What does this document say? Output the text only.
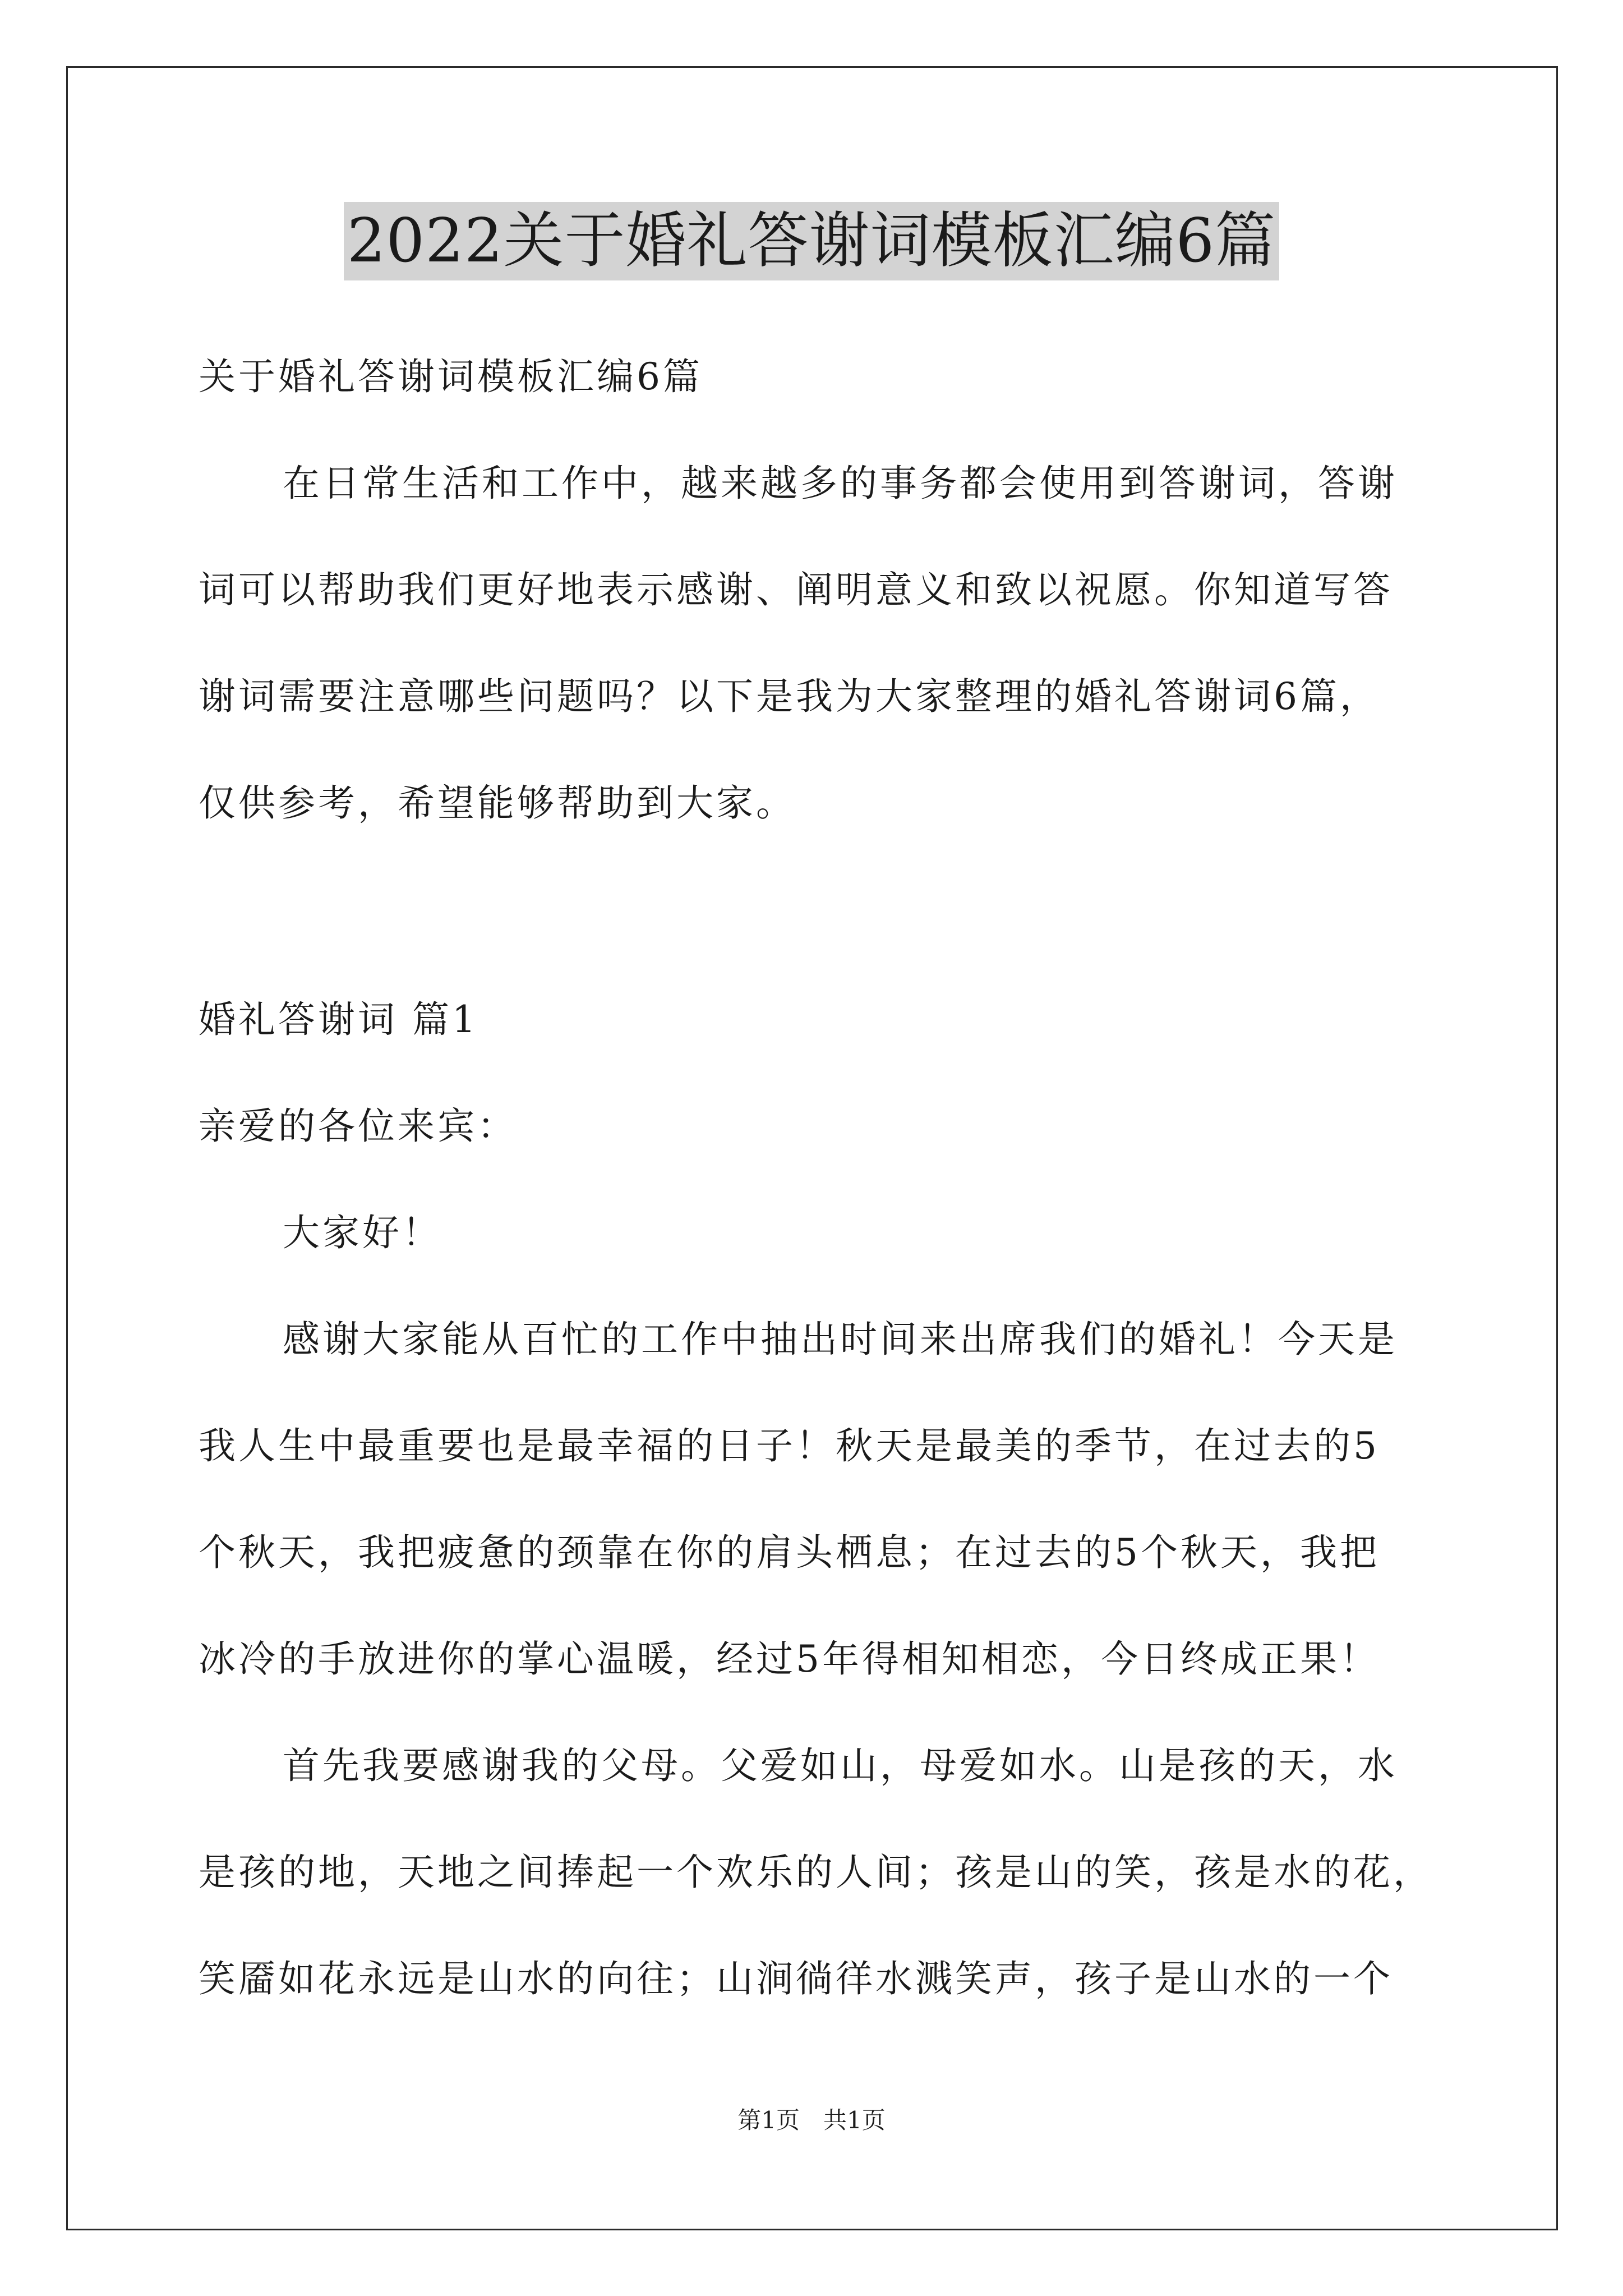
2022关于婚礼答谢词模板汇编6篇
关于婚礼答谢词模板汇编6篇
在日常生活和工作中，越来越多的事务都会使用到答谢词，答谢
词可以帮助我们更好地表示感谢、阐明意义和致以祝愿。你知道写答
谢词需要注意哪些问题吗？以下是我为大家整理的婚礼答谢词6篇，
仅供参考，希望能够帮助到大家。
婚礼答谢词 篇1
亲爱的各位来宾：
大家好！
感谢大家能从百忙的工作中抽出时间来出席我们的婚礼！今天是
我人生中最重要也是最幸福的日子！秋天是最美的季节，在过去的5
个秋天，我把疲惫的颈靠在你的肩头栖息；在过去的5个秋天，我把
冰冷的手放进你的掌心温暖，经过5年得相知相恋，今日终成正果！
首先我要感谢我的父母。父爱如山，母爱如水。山是孩的天，水
是孩的地，天地之间捧起一个欢乐的人间；孩是山的笑，孩是水的花，
笑靥如花永远是山水的向往；山涧徜徉水溅笑声，孩子是山水的一个
第1页　共1页
